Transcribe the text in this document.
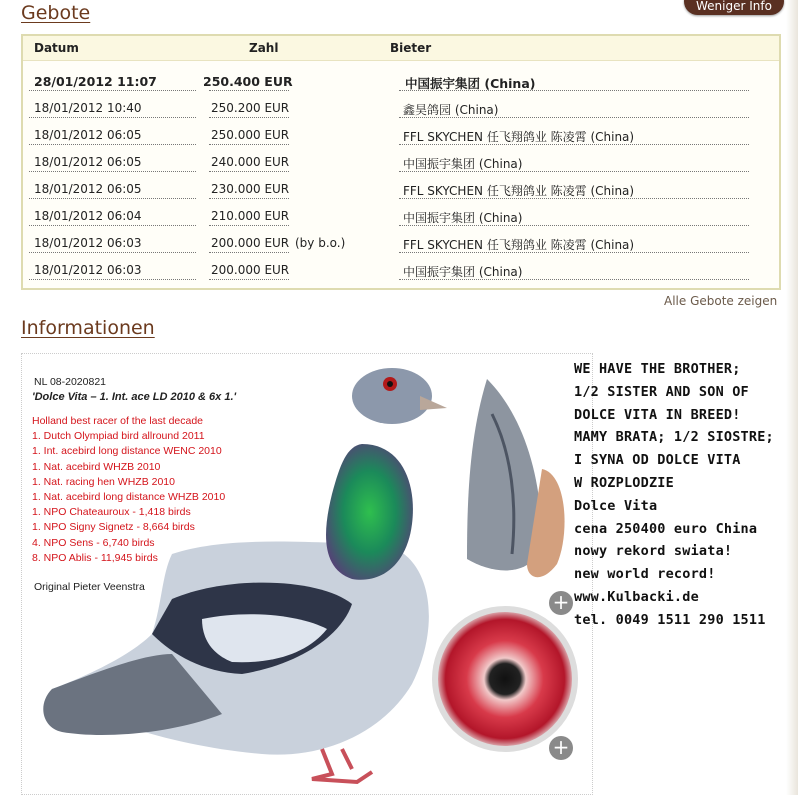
Gebote	Weniger Info
Datum	Zahl	Bieter
28/01/2012 11:07	250.400 EUR	中国振宇集团 (China)
18/01/2012 10:40	250.200 EUR	鑫昊鸽园 (China)
18/01/2012 06:05	250.000 EUR	FFL SKYCHEN 任飞翔鸽业 陈凌霄 (China)
18/01/2012 06:05	240.000 EUR	中国振宇集团 (China)
18/01/2012 06:05	230.000 EUR	FFL SKYCHEN 任飞翔鸽业 陈凌霄 (China)
18/01/2012 06:04	210.000 EUR	中国振宇集团 (China)
18/01/2012 06:03	200.000 EUR (by b.o.)	FFL SKYCHEN 任飞翔鸽业 陈凌霄 (China)
18/01/2012 06:03	200.000 EUR	中国振宇集团 (China)
Alle Gebote zeigen
Informationen
NL 08-2020821
'Dolce Vita – 1. Int. ace LD 2010 & 6x 1.'
Holland best racer of the last decade
1. Dutch Olympiad bird allround 2011
1. Int. acebird long distance WENC 2010
1. Nat. acebird WHZB 2010
1. Nat. racing hen WHZB 2010
1. Nat. acebird long distance WHZB 2010
1. NPO Chateauroux - 1,418 birds
1. NPO Signy Signetz - 8,664 birds
4. NPO Sens - 6,740 birds
8. NPO Ablis - 11,945 birds
Original Pieter Veenstra
+
+
WE HAVE THE BROTHER;
1/2 SISTER AND SON OF
DOLCE VITA IN BREED!
MAMY BRATA; 1/2 SIOSTRE;
I SYNA OD DOLCE VITA
W ROZPLODZIE
Dolce Vita
cena 250400 euro China
nowy rekord swiata!
new world record!
www.Kulbacki.de
tel. 0049 1511 290 1511
